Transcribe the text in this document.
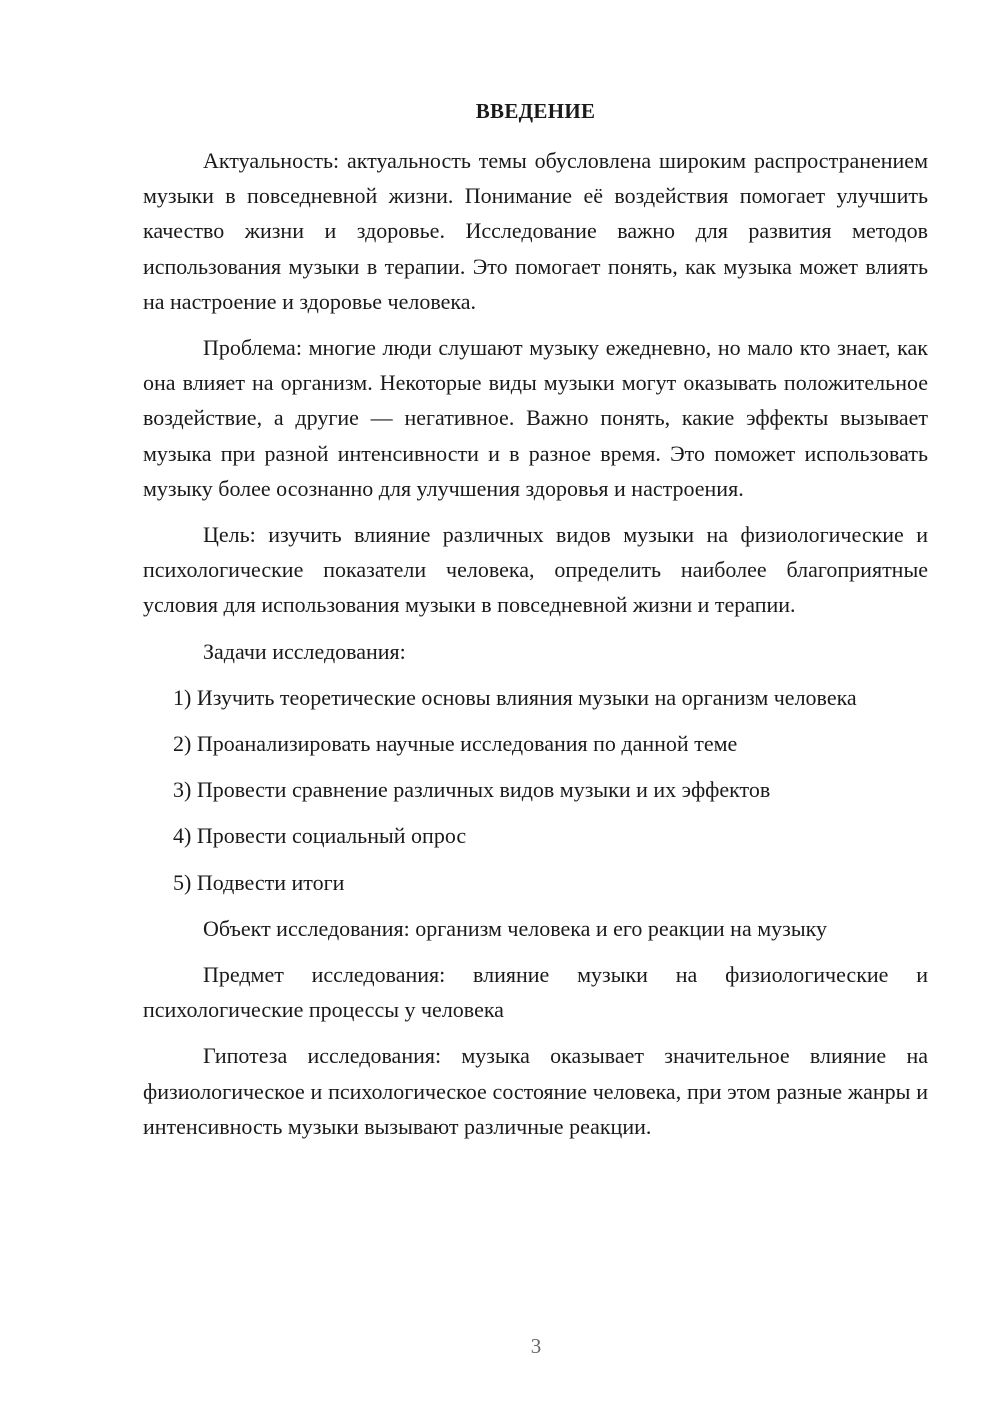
ВВЕДЕНИЕ

Актуальность: актуальность темы обусловлена широким распространением музыки в повседневной жизни. Понимание её воздействия помогает улучшить качество жизни и здоровье. Исследование важно для развития методов использования музыки в терапии. Это помогает понять, как музыка может влиять на настроение и здоровье человека.

Проблема: многие люди слушают музыку ежедневно, но мало кто знает, как она влияет на организм. Некоторые виды музыки могут оказывать положительное воздействие, а другие — негативное. Важно понять, какие эффекты вызывает музыка при разной интенсивности и в разное время. Это поможет использовать музыку более осознанно для улучшения здоровья и настроения.

Цель: изучить влияние различных видов музыки на физиологические и психологические показатели человека, определить наиболее благоприятные условия для использования музыки в повседневной жизни и терапии.

Задачи исследования:

1) Изучить теоретические основы влияния музыки на организм человека

2) Проанализировать научные исследования по данной теме

3) Провести сравнение различных видов музыки и их эффектов

4) Провести социальный опрос

5) Подвести итоги

Объект исследования: организм человека и его реакции на музыку

Предмет исследования: влияние музыки на физиологические и психологические процессы у человека

Гипотеза исследования: музыка оказывает значительное влияние на физиологическое и психологическое состояние человека, при этом разные жанры и интенсивность музыки вызывают различные реакции.

3
